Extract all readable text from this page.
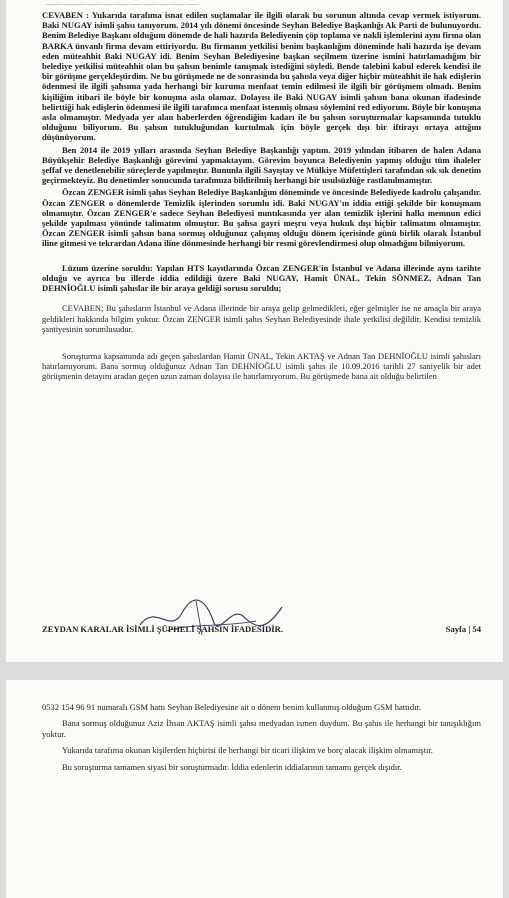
....... ........... ....... ...... ...... ...... ...... ...... ...... ......

CEVABEN : Yukarıda tarafıma isnat edilen suçlamalar ile ilgili olarak bu sorunun altında cevap vermek istiyorum. Baki NUGAY isimli şahsı tanıyorum. 2014 yılı dönemi öncesinde Seyhan Belediye Başkanlığı Ak Parti de bulunuyordu. Benim Belediye Başkanı olduğum dönemde de hali hazırda Belediyenin çöp toplama ve nakli işlemlerini aynı firma olan BARKA ünvanlı firma devam ettiriyordu. Bu firmanın yetkilisi benim başkanlığım döneminde hali hazırda işe devam eden müteahhit Baki NUGAY idi. Benim Seyhan Belediyesine başkan seçilmem üzerine ismini hatırlamadığım bir belediye yetkilisi müteahhit olan bu şahsın benimle tanışmak istediğini söyledi. Bende talebini kabul ederek kendisi ile bir görüşme gerçekleştirdim. Ne bu görüşmede ne de sonrasında bu şahısla veya diğer hiçbir müteahhit ile hak edişlerin ödenmesi ile ilgili şahsıma yada herhangi bir kuruma menfaat temin edilmesi ile ilgili bir görüşmem olmadı. Benim kişiliğim itibari ile böyle bir konuşma asla olamaz. Dolayısı ile Baki NUGAY isimli şahsın bana okunan ifadesinde belirttiği hak edişlerin ödenmesi ile ilgili tarafımca menfaat istenmiş olması söylemini red ediyorum. Böyle bir konuşma asla olmamıştır. Medyada yer alan haberlerden öğrendiğim kadarı ile bu şahsın soruşturmalar kapsamında tutuklu olduğunu biliyorum. Bu şahsın tutukluğundan kurtulmak için böyle gerçek dışı bir iftirayı ortaya attığını düşünüyorum.

Ben 2014 ile 2019 yılları arasında Seyhan Belediye Başkanlığı yaptım. 2019 yılından itibaren de halen Adana Büyükşehir Belediye Başkanlığı görevimi yapmaktayım. Görevim boyunca Belediyenin yapmış olduğu tüm ihaleler şeffaf ve denetlenebilir süreçlerde yapılmıştır. Bununla ilgili Sayıştay ve Mülkiye Müfettişleri tarafından sık sık denetim geçirmekteyiz. Bu denetimler sonucunda tarafımıza bildirilmiş herhangi bir usulsüzlüğe rastlanılmamıştır.

Özcan ZENGER isimli şahıs Seyhan Belediye Başkanlığım döneminde ve öncesinde Belediyede kadrolu çalışandır. Özcan ZENGER o dönemlerde Temizlik işlerinden sorumlu idi. Baki NUGAY'ın iddia ettiği şekilde bir konuşmam olmamıştır. Özcan ZENGER'e sadece Seyhan Belediyesi mıntıkasında yer alan temizlik işlerini halkı memnun edici şekilde yapılması yönünde talimatım olmuştur. Bu şahsa gayri meşru veya hukuk dışı hiçbir talimatım olmamıştır. Özcan ZENGER isimli şahsın bana sormuş olduğunuz çalışmış olduğu dönem içerisinde günü birlik olarak İstanbul iline gitmesi ve tekrardan Adana iline dönmesinde herhangi bir resmi görevlendirmesi olup olmadığını bilmiyorum.

Lüzum üzerine soruldu: Yapılan HTS kayıtlarında Özcan ZENGER'in İstanbul ve Adana illerinde aynı tarihte olduğu ve ayrıca bu illerde iddia edildiği üzere Baki NUGAY, Hamit ÜNAL, Tekin SÖNMEZ, Adnan Tan DEHNİOĞLU isimli şahıslar ile bir araya geldiği sorusu soruldu;

CEVABEN; Bu şahısların İstanbul ve Adana illerinde bir araya gelip gelmedikleri, eğer gelmişler ise ne amaçla bir araya geldikleri hakkında bilgim yoktur. Özcan ZENGER isimli şahıs Seyhan Belediyesinde ihale yetkilisi değildir. Kendisi temizlik şantiyesinin sorumlusudur.

Soruşturma kapsamında adı geçen şahıslardan Hamit ÜNAL, Tekin AKTAŞ ve Adnan Tan DEHNİOĞLU isimli şahısları hatırlamıyorum. Bana sormuş olduğunuz Adnan Tan DEHNİOĞLU isimli şahıs ile 10.09.2016 tarihli 27 saniyelik bir adet görüşmenin detayını aradan geçen uzun zaman dolayısı ile hatırlamıyorum. Bu görüşmede bana ait olduğu belirtilen

ZEYDAN KARALAR İSİMLİ ŞÜPHELİ ŞAHSIN İFADESİDİR.	Sayfa | 54

0532 154 96 91 numaralı GSM hattı Seyhan Belediyesine ait o dönem benim kullanmış olduğum GSM hattıdır.

Bana sormuş olduğunuz Aziz İhsan AKTAŞ isimli şahsı medyadan ismen duydum. Bu şahıs ile herhangi bir tanışıklığım yoktur.

Yukarıda tarafıma okunan kişilerden hiçbirisi ile herhangi bir ticari ilişkim ve borç alacak ilişkim olmamıştır.

Bu soruşturma tamamen siyasi bir soruşturmadır. İddia edenlerin iddialarının tamamı gerçek dışıdır.
